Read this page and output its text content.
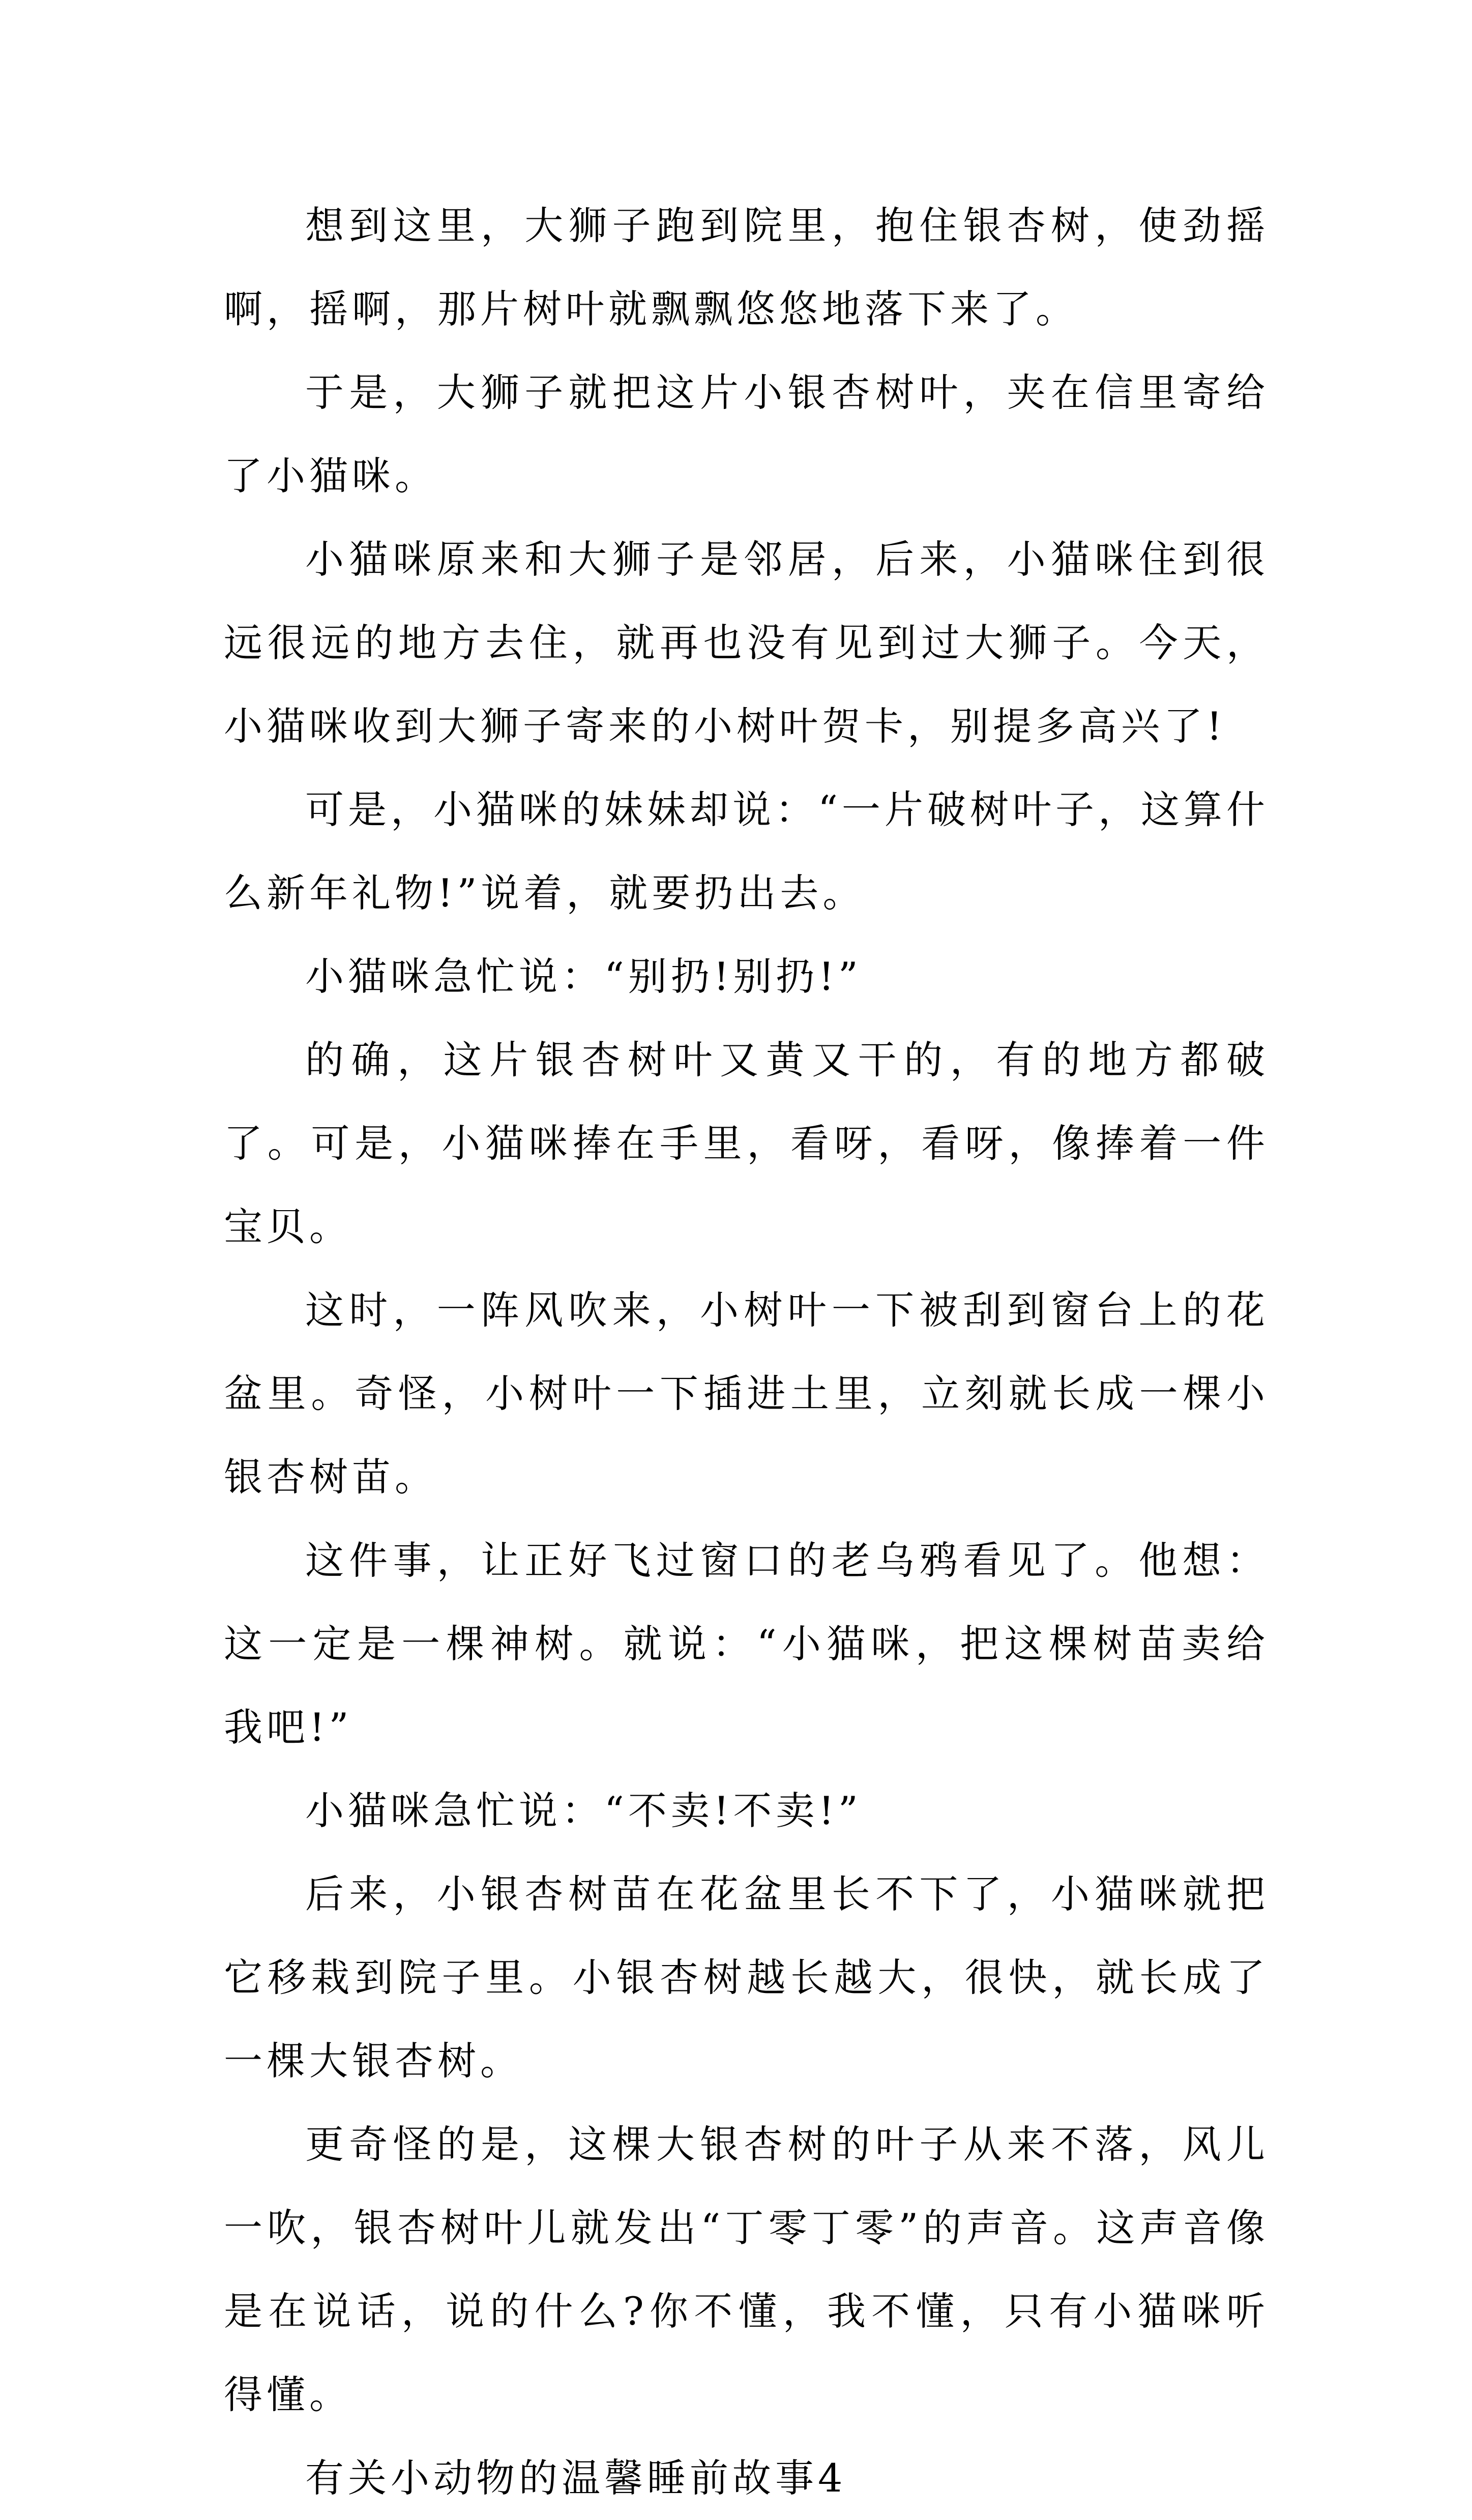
想到这里，大狮子跑到院里，抱住银杏树，使劲摇啊，摇啊，那片树叶就飘飘悠悠地落下来了。

于是，大狮子就把这片小银杏树叶，夹在信里寄给了小猫咪。

小猫咪原来和大狮子是邻居，后来，小猫咪住到很远很远的地方去住，就再也没有见到过大狮子。今天，小猫咪收到大狮子寄来的小树叶贺卡，别提多高兴了!

可是，小猫咪的妹妹却说：“一片破树叶子，这算什么新年礼物!”说着，就要扔出去。

小猫咪急忙说：“别扔!别扔!”

的确，这片银杏树叶又黄又干的，有的地方都破了。可是，小猫咪捧在手里，看呀，看呀，像捧着一件宝贝。

这时，一阵风吹来，小树叶一下被刮到窗台上的花盆里。奇怪，小树叶一下插进土里，立刻就长成一棵小银杏树苗。

这件事，让正好飞过窗口的老乌鸦看见了。他想：这一定是一棵神树。就说：“小猫咪，把这棵树苗卖给我吧!”

小猫咪急忙说：“不卖!不卖!”

后来，小银杏树苗在花盆里长不下了，小猫咪就把它移栽到院子里。小银杏树越长越大，很快，就长成了一棵大银杏树。

更奇怪的是，这棵大银杏树的叶子从来不落，风儿一吹，银杏树叶儿就发出“丁零丁零”的声音。这声音像是在说话，说的什么?你不懂，我不懂，只有小猫咪听得懂。

有关小动物的温馨睡前故事4
